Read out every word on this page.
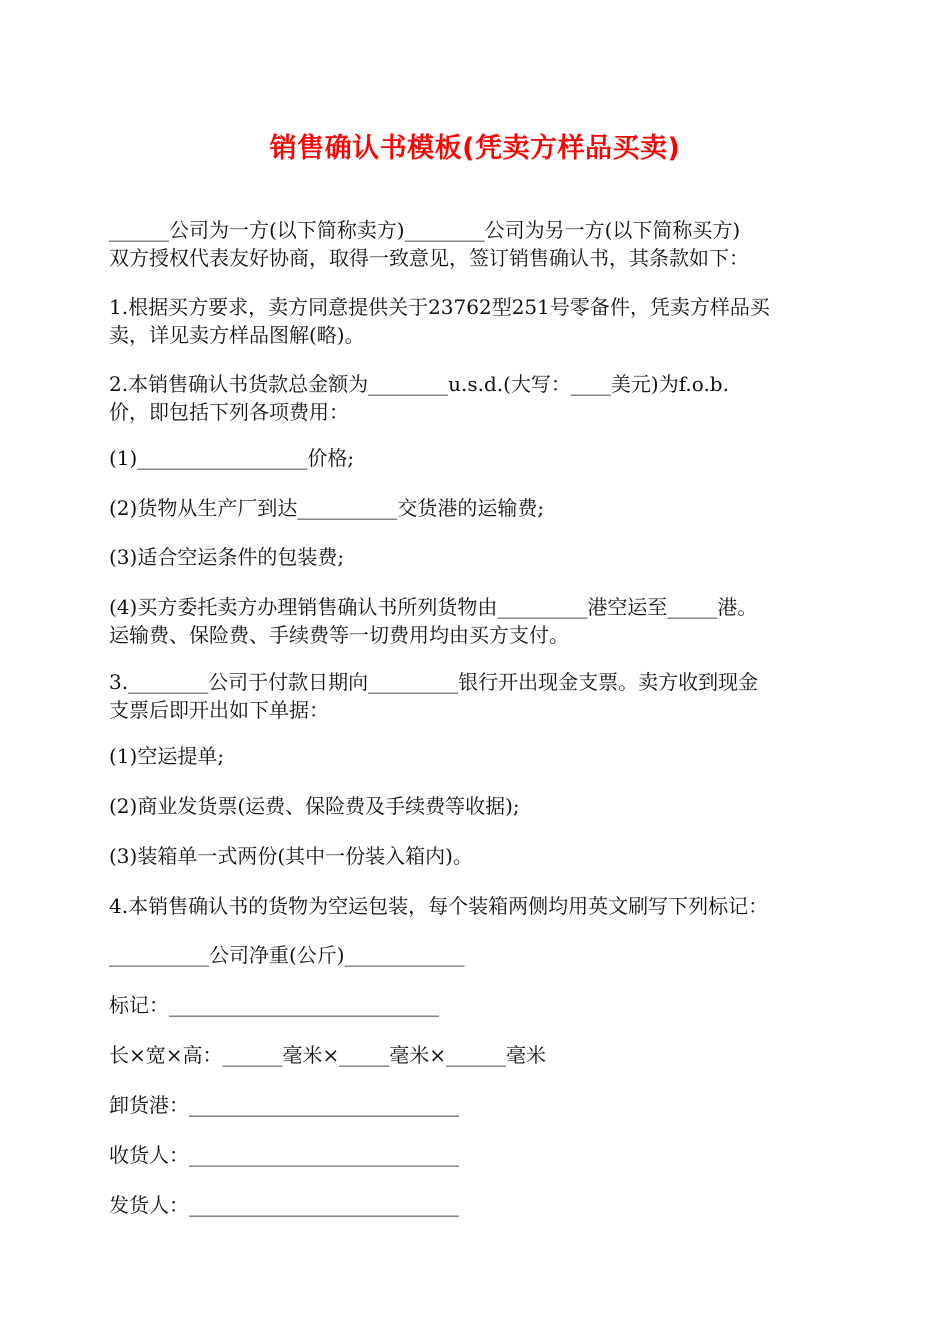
销售确认书模板(凭卖方样品买卖)

______公司为一方(以下简称卖方)________公司为另一方(以下简称买方)

双方授权代表友好协商，取得一致意见，签订销售确认书，其条款如下：

1.根据买方要求，卖方同意提供关于23762型251号零备件，凭卖方样品买

卖，详见卖方样品图解(略)。

2.本销售确认书货款总金额为________u.s.d.(大写：____美元)为f.o.b.

价，即包括下列各项费用：

(1)_________________价格;

(2)货物从生产厂到达__________交货港的运输费;

(3)适合空运条件的包装费;

(4)买方委托卖方办理销售确认书所列货物由_________港空运至_____港。

运输费、保险费、手续费等一切费用均由买方支付。

3.________公司于付款日期向_________银行开出现金支票。卖方收到现金

支票后即开出如下单据：

(1)空运提单;

(2)商业发货票(运费、保险费及手续费等收据);

(3)装箱单一式两份(其中一份装入箱内)。

4.本销售确认书的货物为空运包装，每个装箱两侧均用英文刷写下列标记：

__________公司净重(公斤)____________

标记：___________________________

长×宽×高：______毫米×_____毫米×______毫米

卸货港：___________________________

收货人：___________________________

发货人：___________________________
